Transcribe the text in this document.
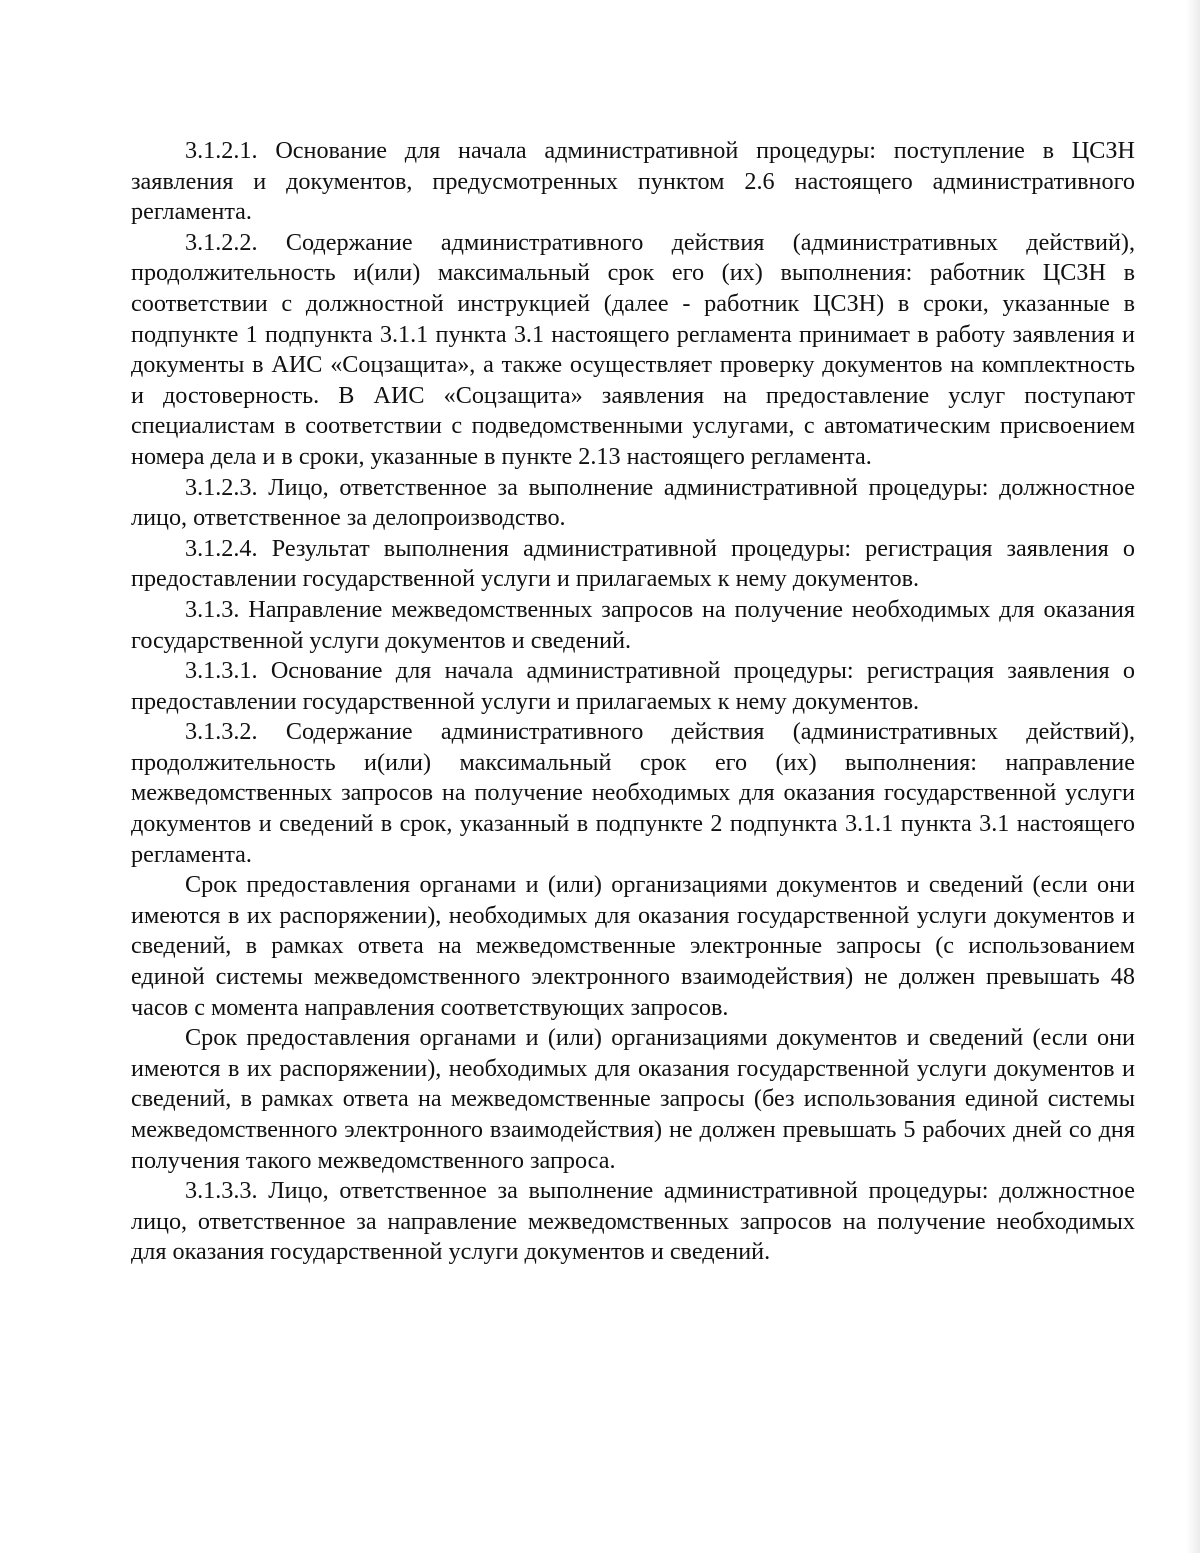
3.1.2.1. Основание для начала административной процедуры: поступление в ЦСЗН заявления и документов, предусмотренных пунктом 2.6 настоящего административного регламента.

3.1.2.2. Содержание административного действия (административных действий), продолжительность и(или) максимальный срок его (их) выполнения: работник ЦСЗН в соответствии с должностной инструкцией (далее - работник ЦСЗН) в сроки, указанные в подпункте 1 подпункта 3.1.1 пункта 3.1 настоящего регламента принимает в работу заявления и документы в АИС «Соцзащита», а также осуществляет проверку документов на комплектность и достоверность. В АИС «Соцзащита» заявления на предоставление услуг поступают специалистам в соответствии с подведомственными услугами, с автоматическим присвоением номера дела и в сроки, указанные в пункте 2.13 настоящего регламента.

3.1.2.3. Лицо, ответственное за выполнение административной процедуры: должностное лицо, ответственное за делопроизводство.

3.1.2.4. Результат выполнения административной процедуры: регистрация заявления о предоставлении государственной услуги и прилагаемых к нему документов.

3.1.3. Направление межведомственных запросов на получение необходимых для оказания государственной услуги документов и сведений.

3.1.3.1. Основание для начала административной процедуры: регистрация заявления о предоставлении государственной услуги и прилагаемых к нему документов.

3.1.3.2. Содержание административного действия (административных действий), продолжительность и(или) максимальный срок его (их) выполнения: направление межведомственных запросов на получение необходимых для оказания государственной услуги документов и сведений в срок, указанный в подпункте 2 подпункта 3.1.1 пункта 3.1 настоящего регламента.

Срок предоставления органами и (или) организациями документов и сведений (если они имеются в их распоряжении), необходимых для оказания государственной услуги документов и сведений, в рамках ответа на межведомственные электронные запросы (с использованием единой системы межведомственного электронного взаимодействия) не должен превышать 48 часов с момента направления соответствующих запросов.

Срок предоставления органами и (или) организациями документов и сведений (если они имеются в их распоряжении), необходимых для оказания государственной услуги документов и сведений, в рамках ответа на межведомственные запросы (без использования единой системы межведомственного электронного взаимодействия) не должен превышать 5 рабочих дней со дня получения такого межведомственного запроса.

3.1.3.3. Лицо, ответственное за выполнение административной процедуры: должностное лицо, ответственное за направление межведомственных запросов на получение необходимых для оказания государственной услуги документов и сведений.
